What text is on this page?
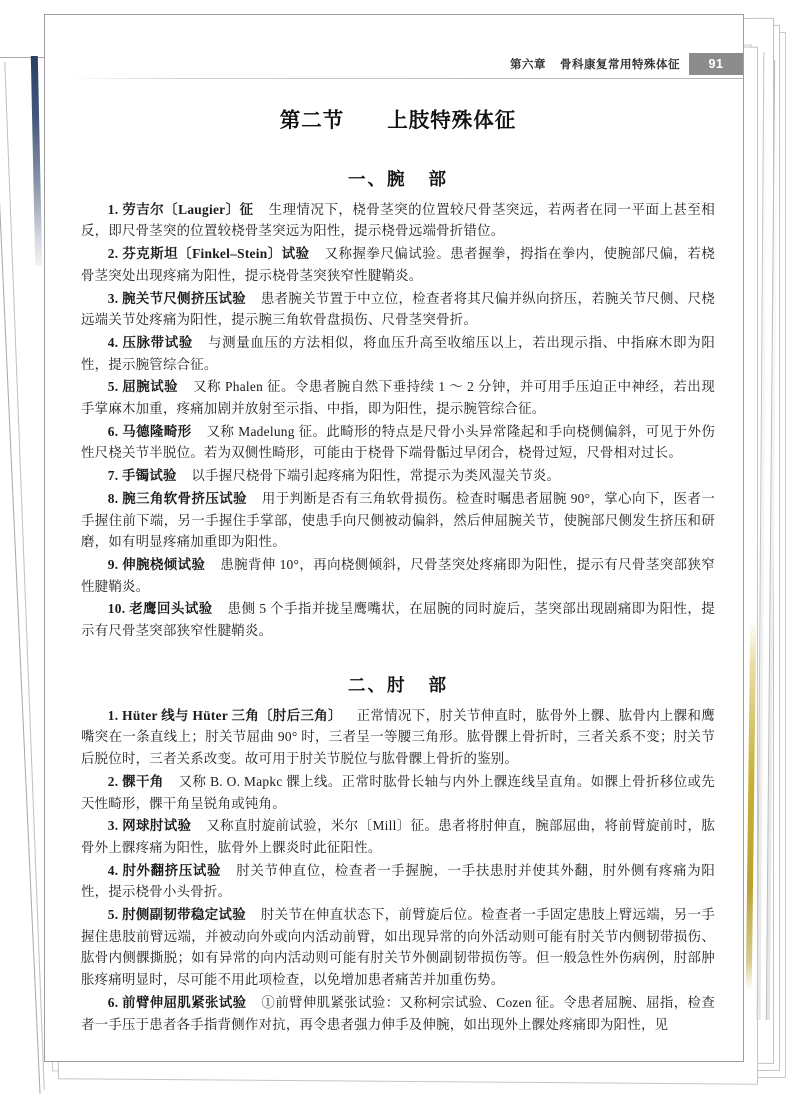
第六章 骨科康复常用特殊体征	91
第二节　　上肢特殊体征
一、腕 部

1. 劳吉尔〔Laugier〕征 生理情况下，桡骨茎突的位置较尺骨茎突远，若两者在同一平面上甚至相反，即尺骨茎突的位置较桡骨茎突远为阳性，提示桡骨远端骨折错位。

2. 芬克斯坦〔Finkel–Stein〕试验 又称握拳尺偏试验。患者握拳，拇指在拳内，使腕部尺偏，若桡骨茎突处出现疼痛为阳性，提示桡骨茎突狭窄性腱鞘炎。

3. 腕关节尺侧挤压试验 患者腕关节置于中立位，检查者将其尺偏并纵向挤压，若腕关节尺侧、尺桡远端关节处疼痛为阳性，提示腕三角软骨盘损伤、尺骨茎突骨折。

4. 压脉带试验 与测量血压的方法相似，将血压升高至收缩压以上，若出现示指、中指麻木即为阳性，提示腕管综合征。

5. 屈腕试验 又称 Phalen 征。令患者腕自然下垂持续 1 ～ 2 分钟，并可用手压迫正中神经，若出现手掌麻木加重，疼痛加剧并放射至示指、中指，即为阳性，提示腕管综合征。

6. 马德隆畸形 又称 Madelung 征。此畸形的特点是尺骨小头异常隆起和手向桡侧偏斜，可见于外伤性尺桡关节半脱位。若为双侧性畸形，可能由于桡骨下端骨骺过早闭合，桡骨过短，尺骨相对过长。

7. 手镯试验 以手握尺桡骨下端引起疼痛为阳性，常提示为类风湿关节炎。

8. 腕三角软骨挤压试验 用于判断是否有三角软骨损伤。检查时嘱患者屈腕 90°，掌心向下，医者一手握住前下端，另一手握住手掌部，使患手向尺侧被动偏斜，然后伸屈腕关节，使腕部尺侧发生挤压和研磨，如有明显疼痛加重即为阳性。

9. 伸腕桡倾试验 患腕背伸 10°，再向桡侧倾斜，尺骨茎突处疼痛即为阳性，提示有尺骨茎突部狭窄性腱鞘炎。

10. 老鹰回头试验 患侧 5 个手指并拢呈鹰嘴状，在屈腕的同时旋后，茎突部出现剧痛即为阳性，提示有尺骨茎突部狭窄性腱鞘炎。

二、肘 部

1. Hüter 线与 Hüter 三角〔肘后三角〕 正常情况下，肘关节伸直时，肱骨外上髁、肱骨内上髁和鹰嘴突在一条直线上；肘关节屈曲 90° 时，三者呈一等腰三角形。肱骨髁上骨折时，三者关系不变；肘关节后脱位时，三者关系改变。故可用于肘关节脱位与肱骨髁上骨折的鉴别。

2. 髁干角 又称 B. O. Mapkc 髁上线。正常时肱骨长轴与内外上髁连线呈直角。如髁上骨折移位或先天性畸形，髁干角呈锐角或钝角。

3. 网球肘试验 又称直肘旋前试验，米尔〔Mill〕征。患者将肘伸直，腕部屈曲，将前臂旋前时，肱骨外上髁疼痛为阳性，肱骨外上髁炎时此征阳性。

4. 肘外翻挤压试验 肘关节伸直位，检查者一手握腕，一手扶患肘并使其外翻，肘外侧有疼痛为阳性，提示桡骨小头骨折。

5. 肘侧副韧带稳定试验 肘关节在伸直状态下，前臂旋后位。检查者一手固定患肢上臂远端，另一手握住患肢前臂远端，并被动向外或向内活动前臂，如出现异常的向外活动则可能有肘关节内侧韧带损伤、肱骨内侧髁撕脱；如有异常的向内活动则可能有肘关节外侧副韧带损伤等。但一般急性外伤病例，肘部肿胀疼痛明显时，尽可能不用此项检查，以免增加患者痛苦并加重伤势。

6. 前臂伸屈肌紧张试验 ①前臂伸肌紧张试验：又称柯宗试验、Cozen 征。令患者屈腕、屈指，检查者一手压于患者各手指背侧作对抗，再令患者强力伸手及伸腕，如出现外上髁处疼痛即为阳性，见
